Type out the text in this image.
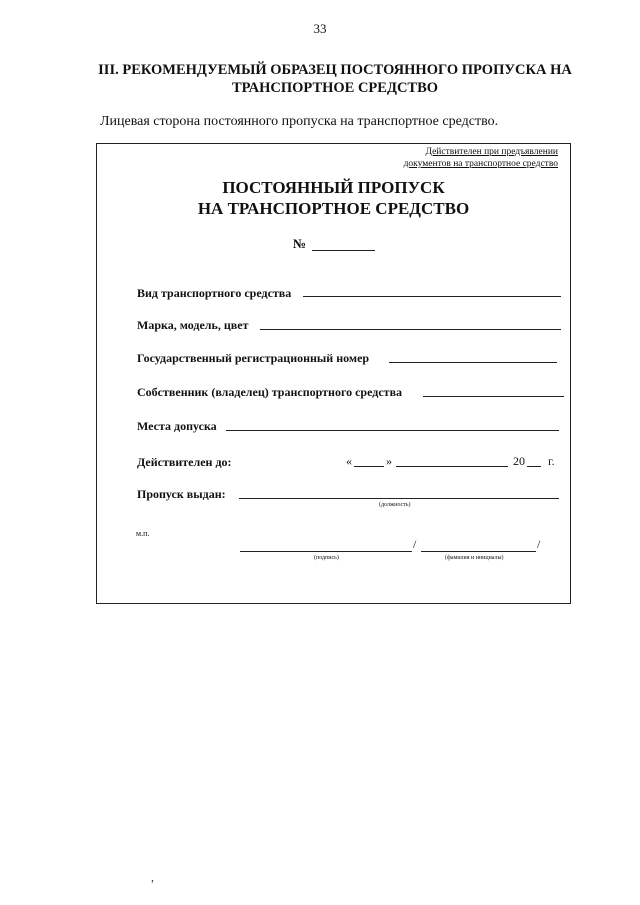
33
III. РЕКОМЕНДУЕМЫЙ ОБРАЗЕЦ ПОСТОЯННОГО ПРОПУСКА НА ТРАНСПОРТНОЕ СРЕДСТВО
Лицевая сторона постоянного пропуска на транспортное средство.
Действителен при предъявлении
документов на транспортное средство
ПОСТОЯННЫЙ ПРОПУСК
НА ТРАНСПОРТНОЕ СРЕДСТВО
№
Вид транспортного средства
Марка, модель, цвет
Государственный регистрационный номер
Собственник (владелец) транспортного средства
Места допуска
Действителен до:	«	»	20 г.
Пропуск выдан:
(должность)
м.п.
/	/
(подпись)	(фамилия и инициалы)
,
